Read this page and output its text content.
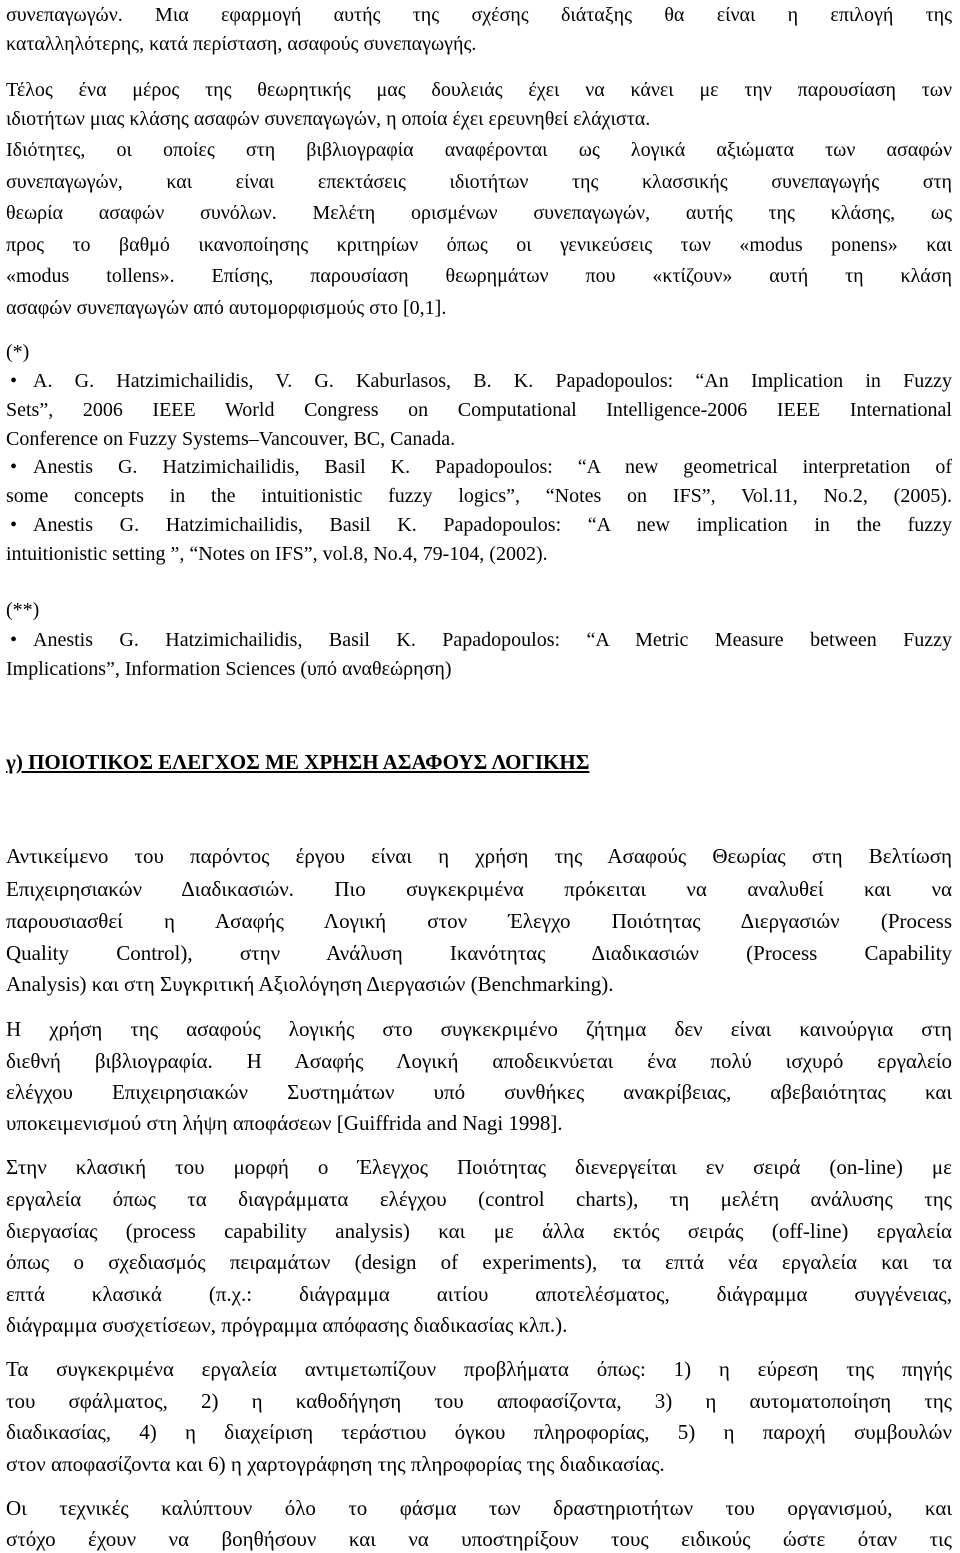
συνεπαγωγών. Μια εφαρμογή αυτής της σχέσης διάταξης θα είναι η επιλογή της
καταλληλότερης, κατά περίσταση, ασαφούς συνεπαγωγής.
Τέλος ένα μέρος της θεωρητικής μας δουλειάς έχει να κάνει με την παρουσίαση των
ιδιοτήτων μιας κλάσης ασαφών συνεπαγωγών, η οποία έχει ερευνηθεί ελάχιστα.
Ιδιότητες, οι οποίες στη βιβλιογραφία αναφέρονται ως λογικά αξιώματα των ασαφών
συνεπαγωγών, και είναι επεκτάσεις ιδιοτήτων της κλασσικής συνεπαγωγής στη
θεωρία ασαφών συνόλων. Μελέτη ορισμένων συνεπαγωγών, αυτής της κλάσης, ως
προς το βαθμό ικανοποίησης κριτηρίων όπως οι γενικεύσεις των «modus ponens» και
«modus tollens». Επίσης, παρουσίαση θεωρημάτων που «κτίζουν» αυτή τη κλάση
ασαφών συνεπαγωγών από αυτομορφισμούς στο [0,1].
(*)
• A. G. Hatzimichailidis, V. G. Kaburlasos, B. K. Papadopoulos: “An Implication in Fuzzy
Sets”, 2006 IEEE World Congress on Computational Intelligence-2006 IEEE International
Conference on Fuzzy Systems–Vancouver, BC, Canada.
• Anestis G. Hatzimichailidis, Basil K. Papadopoulos: “A new geometrical interpretation of
some concepts in the intuitionistic fuzzy logics”, “Notes on IFS”, Vol.11, No.2, (2005).
• Anestis G. Hatzimichailidis, Basil K. Papadopoulos: “A new implication in the fuzzy
intuitionistic setting ”, “Notes on IFS”, vol.8, No.4, 79-104, (2002).
(**)
• Anestis G. Hatzimichailidis, Basil K. Papadopoulos: “A Metric Measure between Fuzzy
Implications”, Information Sciences (υπό αναθεώρηση)
γ) ΠΟΙΟΤΙΚΟΣ ΕΛΕΓΧΟΣ ΜΕ ΧΡΗΣΗ ΑΣΑΦΟΥΣ ΛΟΓΙΚΗΣ
Αντικείμενο του παρόντος έργου είναι η χρήση της Ασαφούς Θεωρίας στη Βελτίωση
Επιχειρησιακών Διαδικασιών. Πιο συγκεκριμένα πρόκειται να αναλυθεί και να
παρουσιασθεί η Ασαφής Λογική στον Έλεγχο Ποιότητας Διεργασιών (Process
Quality Control), στην Ανάλυση Ικανότητας Διαδικασιών (Process Capability
Analysis) και στη Συγκριτική Αξιολόγηση Διεργασιών (Benchmarking).
Η χρήση της ασαφούς λογικής στο συγκεκριμένο ζήτημα δεν είναι καινούργια στη
διεθνή βιβλιογραφία. Η Ασαφής Λογική αποδεικνύεται ένα πολύ ισχυρό εργαλείο
ελέγχου Επιχειρησιακών Συστημάτων υπό συνθήκες ανακρίβειας, αβεβαιότητας και
υποκειμενισμού στη λήψη αποφάσεων [Guiffrida and Nagi 1998].
Στην κλασική του μορφή ο Έλεγχος Ποιότητας διενεργείται εν σειρά (on-line) με
εργαλεία όπως τα διαγράμματα ελέγχου (control charts), τη μελέτη ανάλυσης της
διεργασίας (process capability analysis) και με άλλα εκτός σειράς (off-line) εργαλεία
όπως ο σχεδιασμός πειραμάτων (design of experiments), τα επτά νέα εργαλεία και τα
επτά κλασικά (π.χ.: διάγραμμα αιτίου αποτελέσματος, διάγραμμα συγγένειας,
διάγραμμα συσχετίσεων, πρόγραμμα απόφασης διαδικασίας κλπ.).
Τα συγκεκριμένα εργαλεία αντιμετωπίζουν προβλήματα όπως: 1) η εύρεση της πηγής
του σφάλματος, 2) η καθοδήγηση του αποφασίζοντα, 3) η αυτοματοποίηση της
διαδικασίας, 4) η διαχείριση τεράστιου όγκου πληροφορίας, 5) η παροχή συμβουλών
στον αποφασίζοντα και 6) η χαρτογράφηση της πληροφορίας της διαδικασίας.
Οι τεχνικές καλύπτουν όλο το φάσμα των δραστηριοτήτων του οργανισμού, και
στόχο έχουν να βοηθήσουν και να υποστηρίξουν τους ειδικούς ώστε όταν τις
